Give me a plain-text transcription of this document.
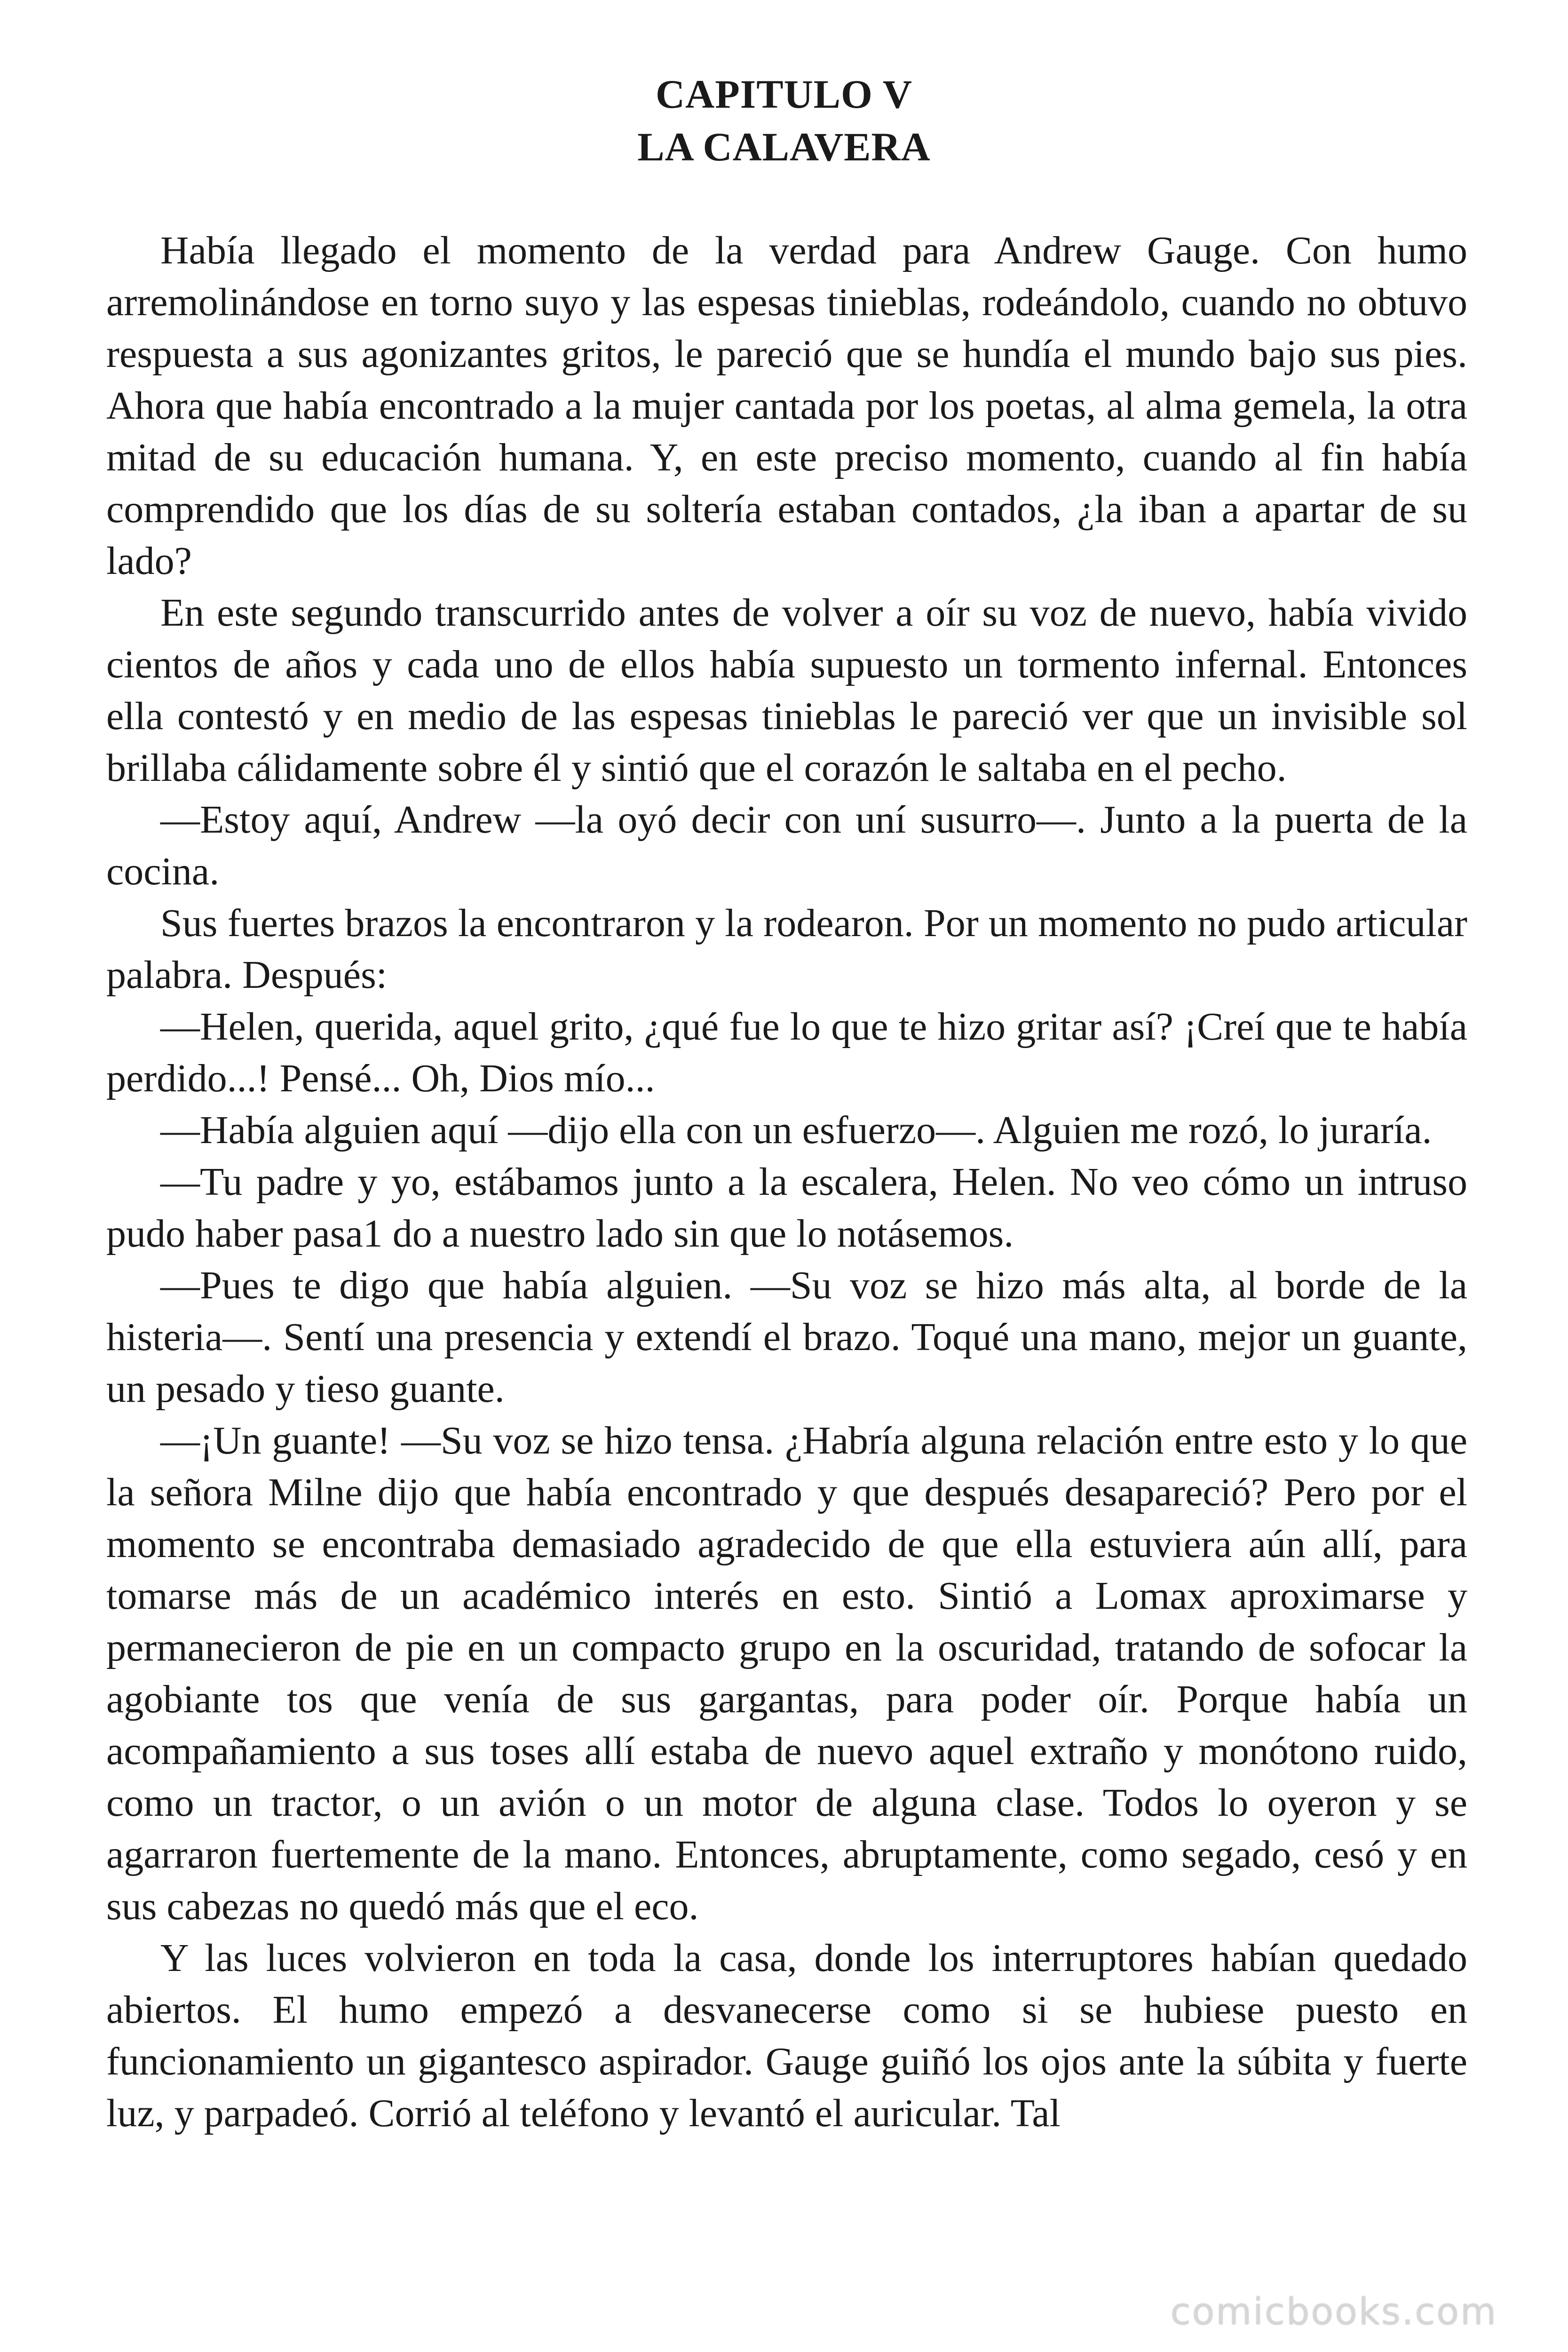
CAPITULO V
LA CALAVERA

Había llegado el momento de la verdad para Andrew Gauge. Con humo arremolinándose en torno suyo y las espesas tinieblas, rodeándolo, cuando no obtuvo respuesta a sus agonizantes gritos, le pareció que se hundía el mundo bajo sus pies. Ahora que había encontrado a la mujer cantada por los poetas, al alma gemela, la otra mitad de su educación humana. Y, en este preciso momento, cuando al fin había comprendido que los días de su soltería estaban contados, ¿la iban a apartar de su lado?

En este segundo transcurrido antes de volver a oír su voz de nuevo, había vivido cientos de años y cada uno de ellos había supuesto un tormento infernal. Entonces ella contestó y en medio de las espesas tinieblas le pareció ver que un invisible sol brillaba cálidamente sobre él y sintió que el corazón le saltaba en el pecho.

—Estoy aquí, Andrew —la oyó decir con uní susurro—. Junto a la puerta de la cocina.

Sus fuertes brazos la encontraron y la rodearon. Por un momento no pudo articular palabra. Después:

—Helen, querida, aquel grito, ¿qué fue lo que te hizo gritar así? ¡Creí que te había perdido...! Pensé... Oh, Dios mío...

—Había alguien aquí —dijo ella con un esfuerzo—. Alguien me rozó, lo juraría.

—Tu padre y yo, estábamos junto a la escalera, Helen. No veo cómo un intruso pudo haber pasa1 do a nuestro lado sin que lo notásemos.

—Pues te digo que había alguien. —Su voz se hizo más alta, al borde de la histeria—. Sentí una presencia y extendí el brazo. Toqué una mano, mejor un guante, un pesado y tieso guante.

—¡Un guante! —Su voz se hizo tensa. ¿Habría alguna relación entre esto y lo que la señora Milne dijo que había encontrado y que después desapareció? Pero por el momento se encontraba demasiado agradecido de que ella estuviera aún allí, para tomarse más de un académico interés en esto. Sintió a Lomax aproximarse y permanecieron de pie en un compacto grupo en la oscuridad, tratando de sofocar la agobiante tos que venía de sus gargantas, para poder oír. Porque había un acompañamiento a sus toses allí estaba de nuevo aquel extraño y monótono ruido, como un tractor, o un avión o un motor de alguna clase. Todos lo oyeron y se agarraron fuertemente de la mano. Entonces, abruptamente, como segado, cesó y en sus cabezas no quedó más que el eco.

Y las luces volvieron en toda la casa, donde los interruptores habían quedado abiertos. El humo empezó a desvanecerse como si se hubiese puesto en funcionamiento un gigantesco aspirador. Gauge guiñó los ojos ante la súbita y fuerte luz, y parpadeó. Corrió al teléfono y levantó el auricular. Tal

comicbooks.com
